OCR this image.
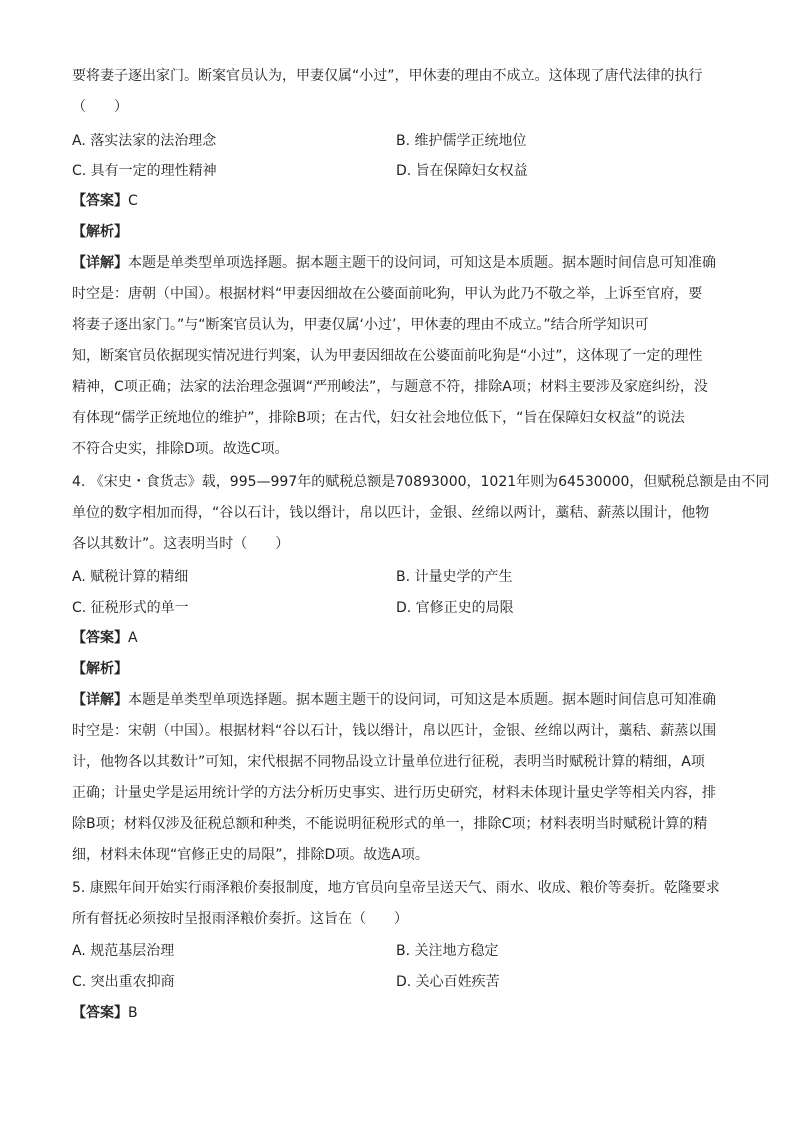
要将妻子逐出家门。断案官员认为，甲妻仅属“小过”，甲休妻的理由不成立。这体现了唐代法律的执行
（　　）
A. 落实法家的法治理念	B. 维护儒学正统地位
C. 具有一定的理性精神	D. 旨在保障妇女权益
【答案】C
【解析】
【详解】本题是单类型单项选择题。据本题主题干的设问词，可知这是本质题。据本题时间信息可知准确
时空是：唐朝（中国）。根据材料“甲妻因细故在公婆面前叱狗，甲认为此乃不敬之举，上诉至官府，要
将妻子逐出家门。”与“断案官员认为，甲妻仅属‘小过’，甲休妻的理由不成立。”结合所学知识可
知，断案官员依据现实情况进行判案，认为甲妻因细故在公婆面前叱狗是“小过”，这体现了一定的理性
精神，C项正确；法家的法治理念强调“严刑峻法”，与题意不符，排除A项；材料主要涉及家庭纠纷，没
有体现“儒学正统地位的维护”，排除B项；在古代，妇女社会地位低下，“旨在保障妇女权益”的说法
不符合史实，排除D项。故选C项。
4. 《宋史・食货志》载，995—997年的赋税总额是70893000，1021年则为64530000，但赋税总额是由不同
单位的数字相加而得，“谷以石计，钱以缗计，帛以匹计，金银、丝绵以两计，藁秸、薪蒸以围计，他物
各以其数计”。这表明当时（　　）
A. 赋税计算的精细	B. 计量史学的产生
C. 征税形式的单一	D. 官修正史的局限
【答案】A
【解析】
【详解】本题是单类型单项选择题。据本题主题干的设问词，可知这是本质题。据本题时间信息可知准确
时空是：宋朝（中国）。根据材料“谷以石计，钱以缗计，帛以匹计，金银、丝绵以两计，藁秸、薪蒸以围
计，他物各以其数计”可知，宋代根据不同物品设立计量单位进行征税，表明当时赋税计算的精细，A项
正确；计量史学是运用统计学的方法分析历史事实、进行历史研究，材料未体现计量史学等相关内容，排
除B项；材料仅涉及征税总额和种类，不能说明征税形式的单一，排除C项；材料表明当时赋税计算的精
细，材料未体现“官修正史的局限”，排除D项。故选A项。
5. 康熙年间开始实行雨泽粮价奏报制度，地方官员向皇帝呈送天气、雨水、收成、粮价等奏折。乾隆要求
所有督抚必须按时呈报雨泽粮价奏折。这旨在（　　）
A. 规范基层治理	B. 关注地方稳定
C. 突出重农抑商	D. 关心百姓疾苦
【答案】B
